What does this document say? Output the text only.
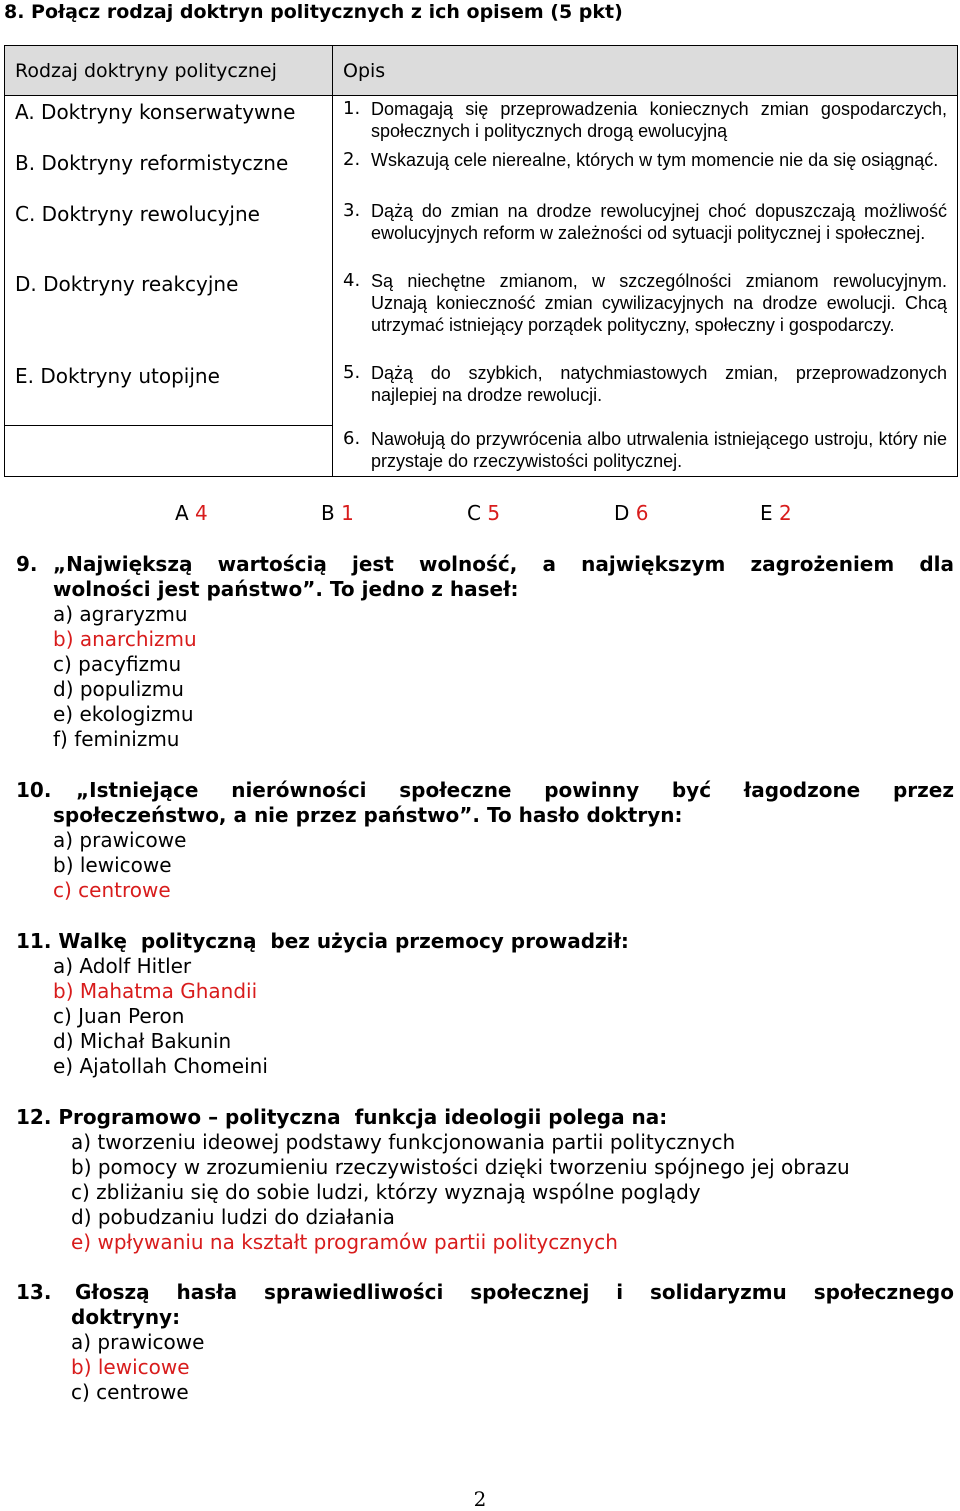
8. Połącz rodzaj doktryn politycznych z ich opisem (5 pkt)
Rodzaj doktryny politycznej	Opis
A. Doktryny konserwatywne	1. Domagają się przeprowadzenia koniecznych zmian gospodarczych, społecznych i politycznych drogą ewolucyjną

B. Doktryny reformistyczne	2. Wskazują cele nierealne, których w tym momencie nie da się osiągnąć.

C. Doktryny rewolucyjne	3. Dążą do zmian na drodze rewolucyjnej choć dopuszczają możliwość ewolucyjnych reform w zależności od sytuacji politycznej i społecznej.

D. Doktryny reakcyjne	4. Są niechętne zmianom, w szczególności zmianom rewolucyjnym. Uznają konieczność zmian cywilizacyjnych na drodze ewolucji. Chcą utrzymać istniejący porządek polityczny, społeczny i gospodarczy.

E. Doktryny utopijne	5. Dążą do szybkich, natychmiastowych zmian, przeprowadzonych najlepiej na drodze rewolucji.

	6. Nawołują do przywrócenia albo utrwalenia istniejącego ustroju, który nie przystaje do rzeczywistości politycznej.
A 4	B 1	C 5	D 6	E 2
9. „Największą wartością jest wolność, a największym zagrożeniem dla
wolności jest państwo”. To jedno z haseł:
a) agraryzmu
b) anarchizmu
c) pacyfizmu
d) populizmu
e) ekologizmu
f) feminizmu
10.	„Istniejące nierówności społeczne powinny być łagodzone przez
społeczeństwo, a nie przez państwo”. To hasło doktryn:
a) prawicowe
b) lewicowe
c) centrowe
11. Walkę  polityczną  bez użycia przemocy prowadził:
a) Adolf Hitler
b) Mahatma Ghandii
c) Juan Peron
d) Michał Bakunin
e) Ajatollah Chomeini
12. Programowo – polityczna  funkcja ideologii polega na:
a) tworzeniu ideowej podstawy funkcjonowania partii politycznych
b) pomocy w zrozumieniu rzeczywistości dzięki tworzeniu spójnego jej obrazu
c) zbliżaniu się do sobie ludzi, którzy wyznają wspólne poglądy
d) pobudzaniu ludzi do działania
e) wpływaniu na kształt programów partii politycznych
13.	Głoszą hasła sprawiedliwości społecznej i solidaryzmu społecznego
doktryny:
a) prawicowe
b) lewicowe
c) centrowe
2
